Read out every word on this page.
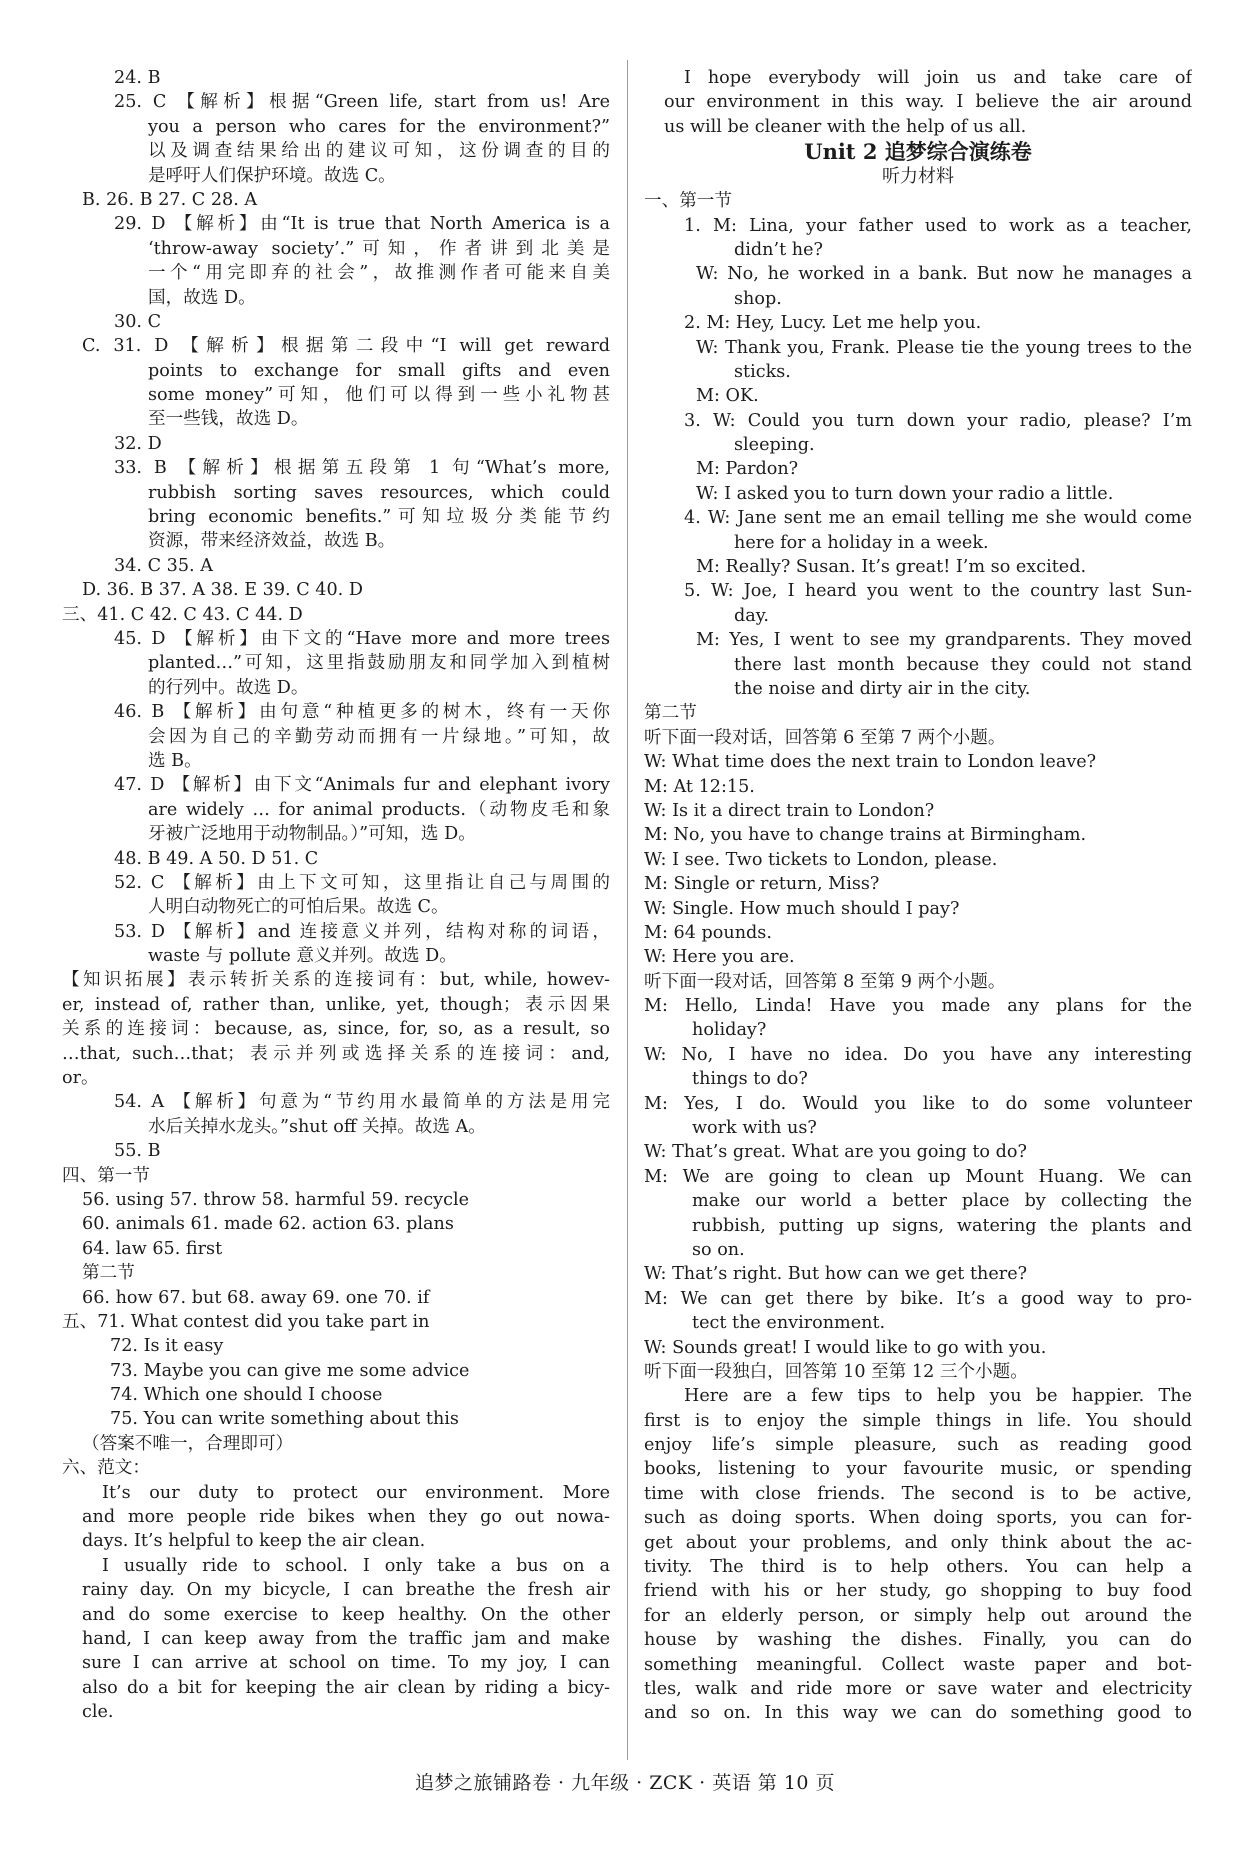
24. B
25. C 【解析】根据“Green life, start from us! Are
you a person who cares for the environment?”
以及调查结果给出的建议可知，这份调查的目的
是呼吁人们保护环境。故选 C。
B. 26. B 27. C 28. A
29. D 【解析】由“It is true that North America is a
‘throw-away society’.”可知，作者讲到北美是
一个“用完即弃的社会”，故推测作者可能来自美
国，故选 D。
30. C
C. 31. D 【解析】根据第二段中“I will get reward
points to exchange for small gifts and even
some money”可知，他们可以得到一些小礼物甚
至一些钱，故选 D。
32. D
33. B 【解析】根据第五段第 1 句“What’s more,
rubbish sorting saves resources, which could
bring economic benefits.”可知垃圾分类能节约
资源，带来经济效益，故选 B。
34. C 35. A
D. 36. B 37. A 38. E 39. C 40. D
三、41. C 42. C 43. C 44. D
45. D 【解析】由下文的“Have more and more trees
planted…”可知，这里指鼓励朋友和同学加入到植树
的行列中。故选 D。
46. B 【解析】由句意“种植更多的树木，终有一天你
会因为自己的辛勤劳动而拥有一片绿地。”可知，故
选 B。
47. D 【解析】由下文“Animals fur and elephant ivory
are widely … for animal products.（动物皮毛和象
牙被广泛地用于动物制品。）”可知，选 D。
48. B 49. A 50. D 51. C
52. C 【解析】由上下文可知，这里指让自己与周围的
人明白动物死亡的可怕后果。故选 C。
53. D 【解析】and 连接意义并列，结构对称的词语，
waste 与 pollute 意义并列。故选 D。
【知识拓展】表示转折关系的连接词有：but, while, howev-
er, instead of, rather than, unlike, yet, though；表示因果
关系的连接词：because, as, since, for, so, as a result, so
…that, such…that；表示并列或选择关系的连接词：and,
or。
54. A 【解析】句意为“节约用水最简单的方法是用完
水后关掉水龙头。”shut off 关掉。故选 A。
55. B
四、第一节
56. using 57. throw 58. harmful 59. recycle
60. animals 61. made 62. action 63. plans
64. law 65. first
第二节
66. how 67. but 68. away 69. one 70. if
五、71. What contest did you take part in
72. Is it easy
73. Maybe you can give me some advice
74. Which one should I choose
75. You can write something about this
（答案不唯一，合理即可）
六、范文：
It’s our duty to protect our environment. More
and more people ride bikes when they go out nowa-
days. It’s helpful to keep the air clean.
I usually ride to school. I only take a bus on a
rainy day. On my bicycle, I can breathe the fresh air
and do some exercise to keep healthy. On the other
hand, I can keep away from the traffic jam and make
sure I can arrive at school on time. To my joy, I can
also do a bit for keeping the air clean by riding a bicy-
cle.
I hope everybody will join us and take care of
our environment in this way. I believe the air around
us will be cleaner with the help of us all.
Unit 2 追梦综合演练卷
听力材料
一、第一节
1. M: Lina, your father used to work as a teacher,
didn’t he?
W: No, he worked in a bank. But now he manages a
shop.
2. M: Hey, Lucy. Let me help you.
W: Thank you, Frank. Please tie the young trees to the
sticks.
M: OK.
3. W: Could you turn down your radio, please? I’m
sleeping.
M: Pardon?
W: I asked you to turn down your radio a little.
4. W: Jane sent me an email telling me she would come
here for a holiday in a week.
M: Really? Susan. It’s great! I’m so excited.
5. W: Joe, I heard you went to the country last Sun-
day.
M: Yes, I went to see my grandparents. They moved
there last month because they could not stand
the noise and dirty air in the city.
第二节
听下面一段对话，回答第 6 至第 7 两个小题。
W: What time does the next train to London leave?
M: At 12:15.
W: Is it a direct train to London?
M: No, you have to change trains at Birmingham.
W: I see. Two tickets to London, please.
M: Single or return, Miss?
W: Single. How much should I pay?
M: 64 pounds.
W: Here you are.
听下面一段对话，回答第 8 至第 9 两个小题。
M: Hello, Linda! Have you made any plans for the
holiday?
W: No, I have no idea. Do you have any interesting
things to do?
M: Yes, I do. Would you like to do some volunteer
work with us?
W: That’s great. What are you going to do?
M: We are going to clean up Mount Huang. We can
make our world a better place by collecting the
rubbish, putting up signs, watering the plants and
so on.
W: That’s right. But how can we get there?
M: We can get there by bike. It’s a good way to pro-
tect the environment.
W: Sounds great! I would like to go with you.
听下面一段独白，回答第 10 至第 12 三个小题。
Here are a few tips to help you be happier. The
first is to enjoy the simple things in life. You should
enjoy life’s simple pleasure, such as reading good
books, listening to your favourite music, or spending
time with close friends. The second is to be active,
such as doing sports. When doing sports, you can for-
get about your problems, and only think about the ac-
tivity. The third is to help others. You can help a
friend with his or her study, go shopping to buy food
for an elderly person, or simply help out around the
house by washing the dishes. Finally, you can do
something meaningful. Collect waste paper and bot-
tles, walk and ride more or save water and electricity
and so on. In this way we can do something good to
追梦之旅铺路卷 · 九年级 · ZCK · 英语 第 10 页
